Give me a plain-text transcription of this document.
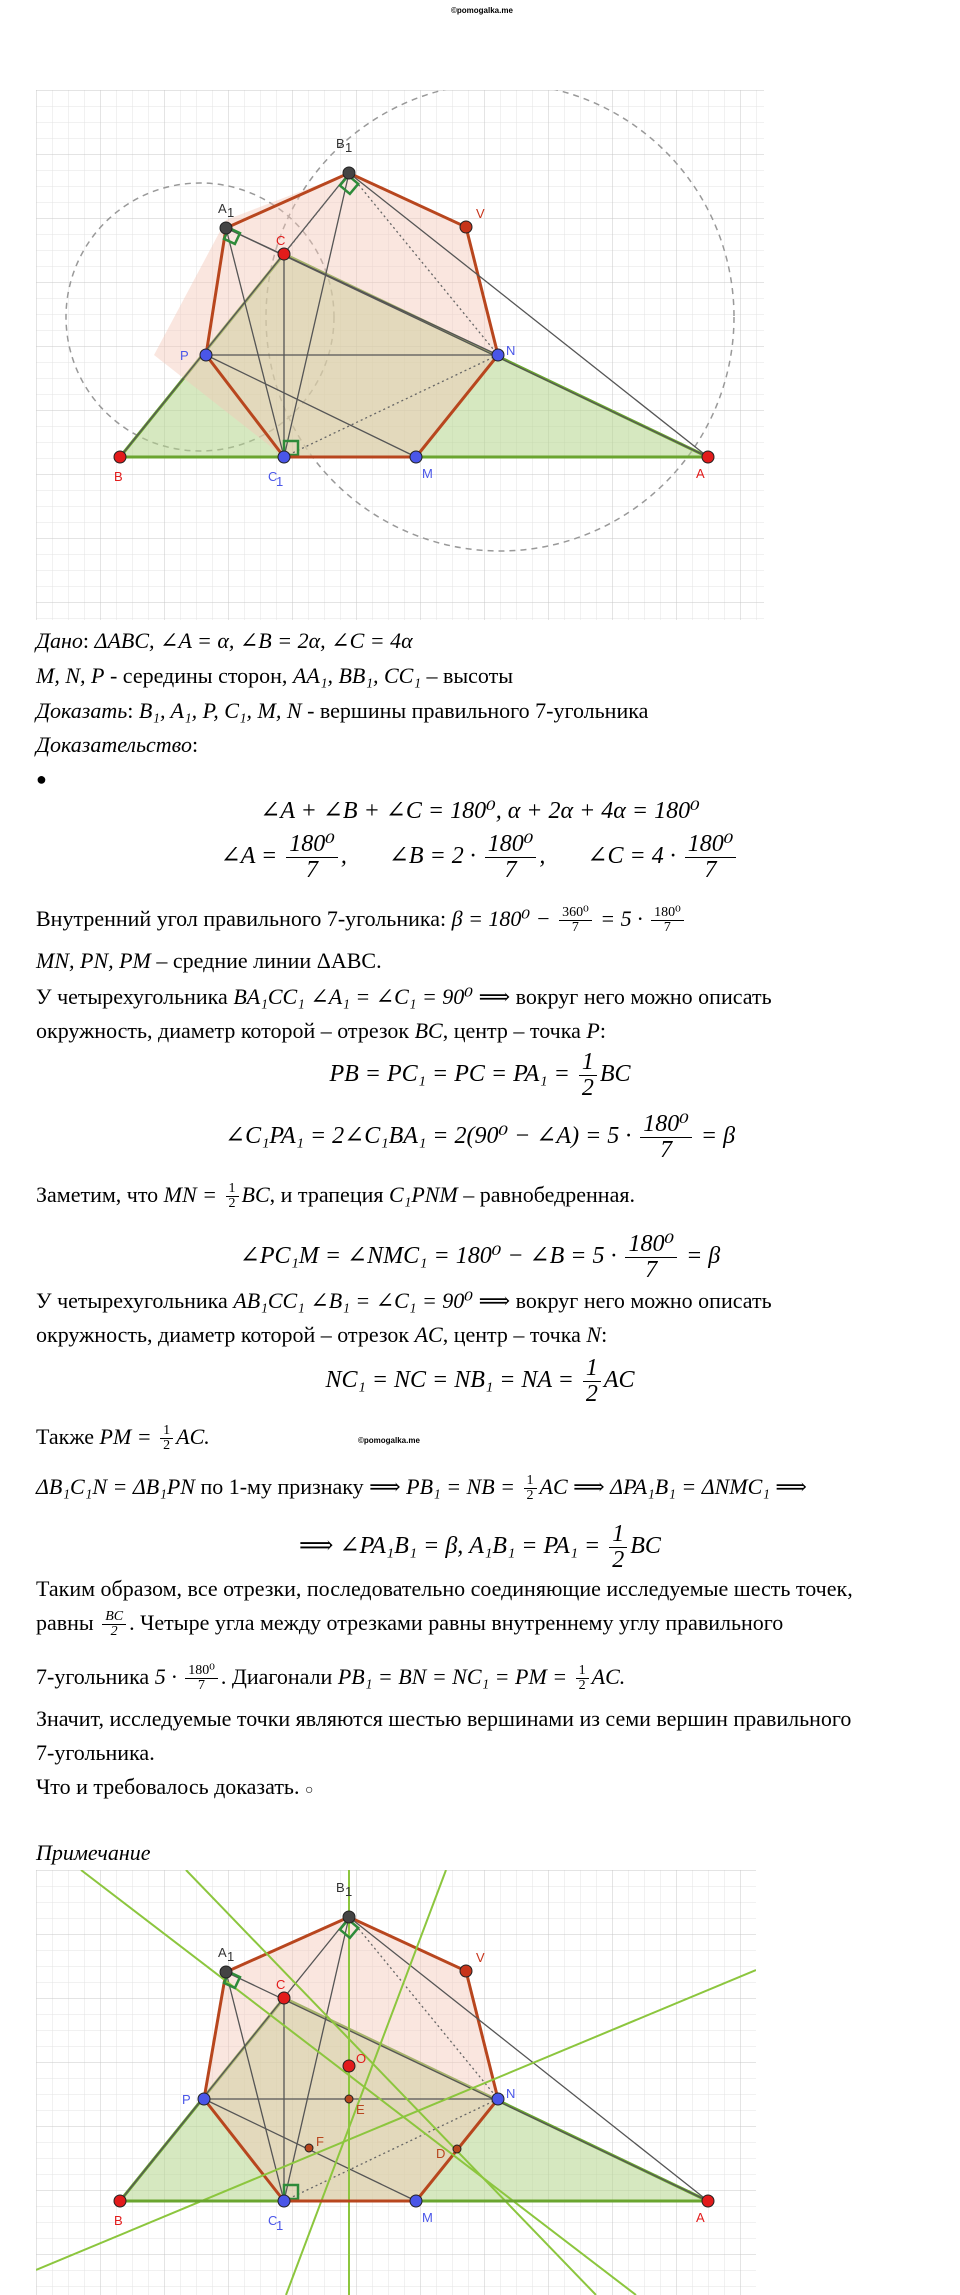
©pomogalka.me
B 1
A 1
C
V
P	N
B	C
1
M	A
Дано: ΔABC, ∠A = α, ∠B = 2α, ∠C = 4α
M, N, P - середины сторон, AA₁, BB₁, CC₁ – высоты
Доказать: B₁, A₁, P, C₁, M, N - вершины правильного 7-угольника
Доказательство:
●
∠A + ∠B + ∠C = 180⁰, α + 2α + 4α = 180⁰
∠A = $\frac{\text{180⁰}}{7}$ , ∠B = $2 \cdot \frac{\text{180⁰}}{7}$ , ∠C = $4 \cdot \frac{\text{180⁰}}{7}$
Внутренний угол правильного 7-угольника: $\beta = 180^0 - \frac{\text{360⁰}}{7} = 5 \cdot \frac{\text{180⁰}}{7}$
MN, PN, PM – средние линии ΔABC.
У четырехугольника BA₁CC₁ ∠A₁ = ∠C₁ = 90⁰ ⟹ вокруг него можно описать
окружность, диаметр которой – отрезок BC, центр – точка P:
PB = PC₁ = PC = $PA_1 = \frac{1}{2}$ BC
∠C₁PA₁ = 2∠C₁BA₁ = 2(90⁰ − ∠A) = $5 \cdot \frac{\text{180⁰}}{7} = \beta$
Заметим, что MN = $\frac{1}{2}$ BC, и трапеция C₁PNM – равнобедренная.
∠PC₁M = ∠NMC₁ = 180⁰ − ∠B = $5 \cdot \frac{\text{180⁰}}{7} = \beta$
У четырехугольника AB₁CC₁ ∠B₁ = ∠C₁ = 90⁰ ⟹ вокруг него можно описать
окружность, диаметр которой – отрезок AC, центр – точка N:
NC₁ = NC = NB₁ = NA = $\frac{1}{2}$ AC
Также PM = $\frac{1}{2}$ AC.	©pomogalka.me
ΔB₁C₁N = ΔB₁PN по 1-му признаку ⟹ PB₁ = NB = $\frac{1}{2}$ AC ⟹ ΔPA₁B₁ = ΔNMC₁ ⟹
⟹ ∠PA₁B₁ = β, $A_1B_1 = PA_1 = \frac{1}{2}$ BC
Таким образом, все отрезки, последовательно соединяющие исследуемые шесть точек,
равны $\frac{BC}{2}$ . Четыре угла между отрезками равны внутреннему углу правильного
7-угольника $5 \cdot \frac{\text{180⁰}}{7}$ . Диагонали PB₁ = BN = NC₁ = PM = $\frac{1}{2}$ AC.
Значит, исследуемые точки являются шестью вершинами из семи вершин правильного
7-угольника.
Что и требовалось доказать. ○
Примечание
B 1
A 1
C
V
P	N
B	C
1
M	A
O
E
F
D
